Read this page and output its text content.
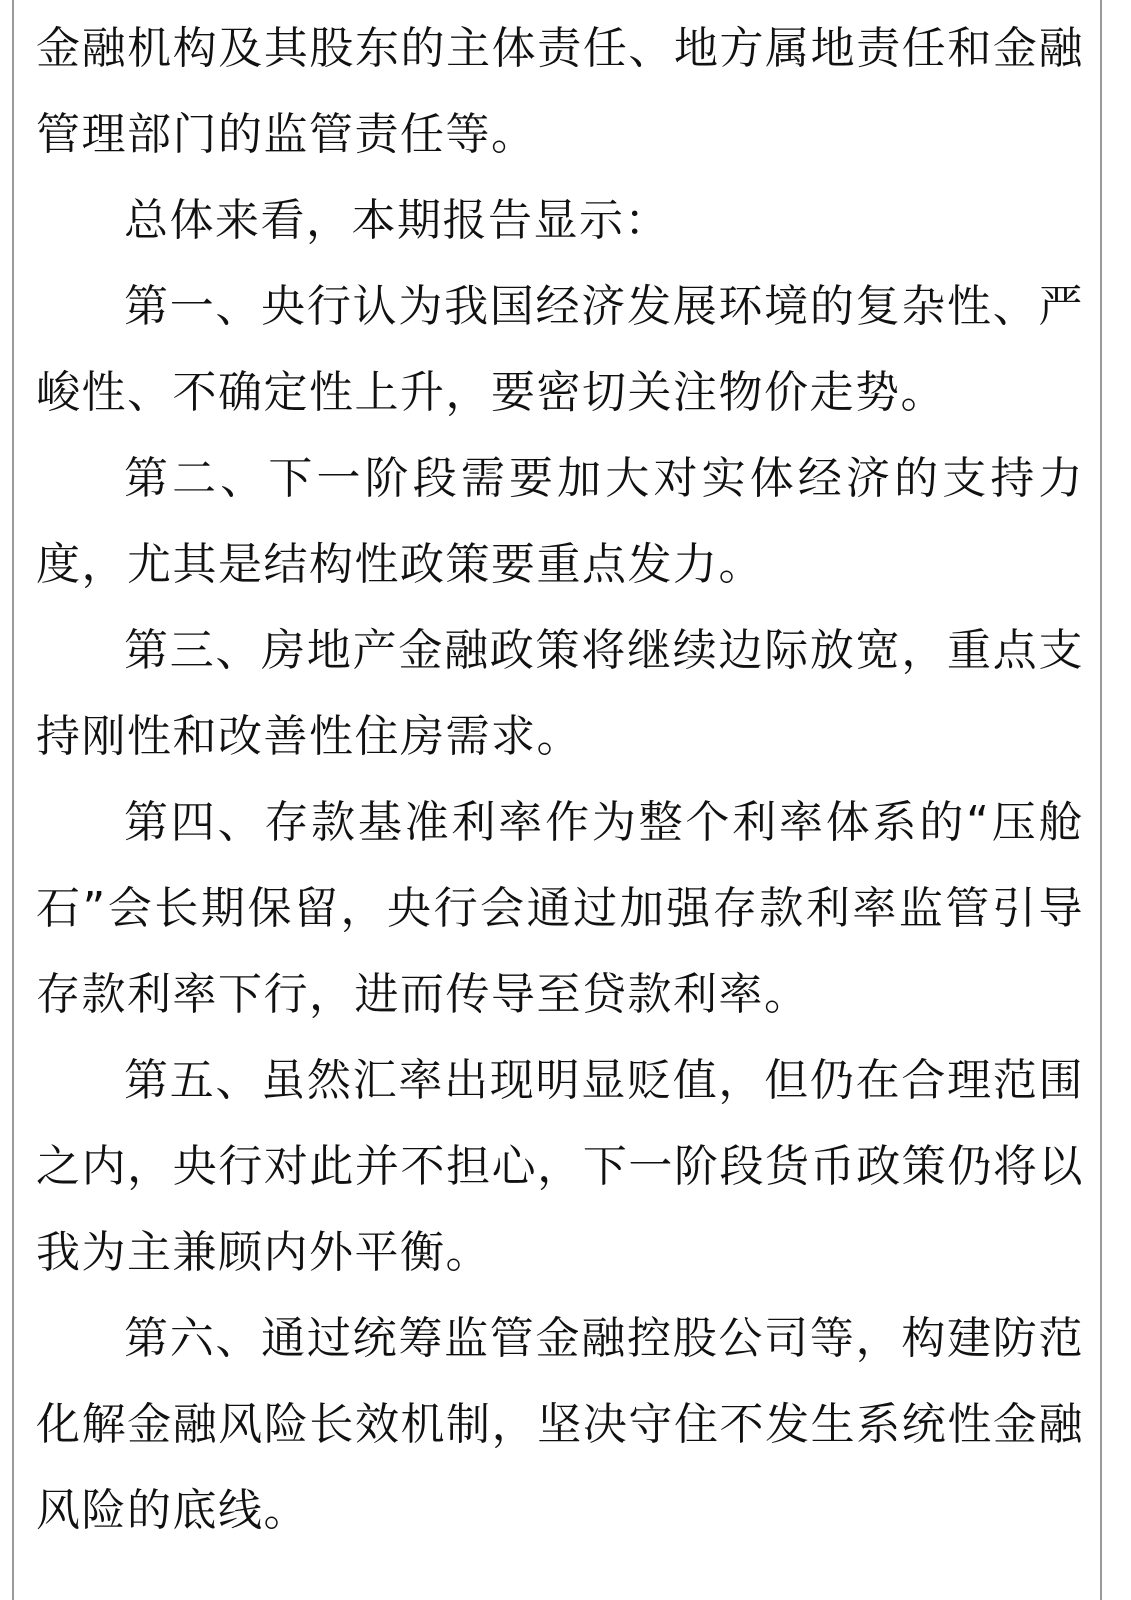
金融机构及其股东的主体责任、地方属地责任和金融管理部门的监管责任等。

总体来看，本期报告显示：

第一、央行认为我国经济发展环境的复杂性、严峻性、不确定性上升，要密切关注物价走势。

第二、下一阶段需要加大对实体经济的支持力度，尤其是结构性政策要重点发力。

第三、房地产金融政策将继续边际放宽，重点支持刚性和改善性住房需求。

第四、存款基准利率作为整个利率体系的“压舱石”会长期保留，央行会通过加强存款利率监管引导存款利率下行，进而传导至贷款利率。

第五、虽然汇率出现明显贬值，但仍在合理范围之内，央行对此并不担心，下一阶段货币政策仍将以我为主兼顾内外平衡。

第六、通过统筹监管金融控股公司等，构建防范化解金融风险长效机制，坚决守住不发生系统性金融风险的底线。
